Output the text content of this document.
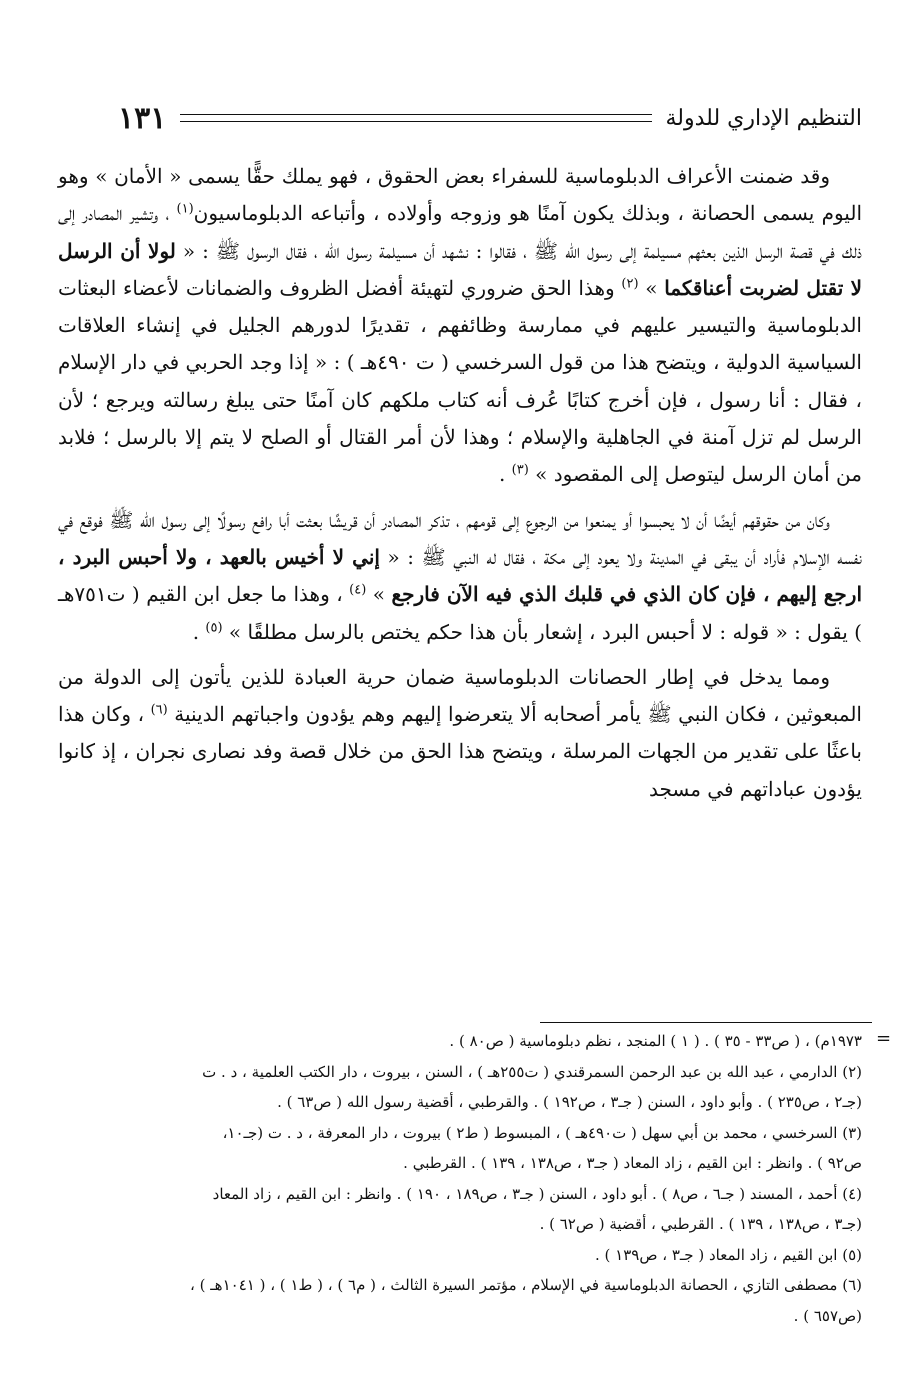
التنظيم الإداري للدولة
١٣١

وقد ضمنت الأعراف الدبلوماسية للسفراء بعض الحقوق ، فهو يملك حقًّا يسمى « الأمان » وهو اليوم يسمى الحصانة ، وبذلك يكون آمنًا هو وزوجه وأولاده ، وأتباعه الدبلوماسيون$^{(١)}$ ، وتشير المصادر إلى ذلك في قصة الرسل الذين بعثهم مسيلمة إلى رسول الله ﷺ ، فقالوا : نشهد أن مسيلمة رسول الله ، فقال الرسول ﷺ : « لولا أن الرسل لا تقتل لضربت أعناقكما » $^{(٢)}$ وهذا الحق ضروري لتهيئة أفضل الظروف والضمانات لأعضاء البعثات الدبلوماسية والتيسير عليهم في ممارسة وظائفهم ، تقديرًا لدورهم الجليل في إنشاء العلاقات السياسية الدولية ، ويتضح هذا من قول السرخسي ( ت ٤٩٠هـ ) : « إذا وجد الحربي في دار الإسلام ، فقال : أنا رسول ، فإن أخرج كتابًا عُرف أنه كتاب ملكهم كان آمنًا حتى يبلغ رسالته ويرجع ؛ لأن الرسل لم تزل آمنة في الجاهلية والإسلام ؛ وهذا لأن أمر القتال أو الصلح لا يتم إلا بالرسل ؛ فلابد من أمان الرسل ليتوصل إلى المقصود » $^{(٣)}$ .

وكان من حقوقهم أيضًا أن لا يحبسوا أو يمنعوا من الرجوع إلى قومهم ، تذكر المصادر أن قريشًا بعثت أبا رافع رسولًا إلى رسول الله ﷺ فوقع في نفسه الإسلام فأراد أن يبقى في المدينة ولا يعود إلى مكة ، فقال له النبي ﷺ : « إني لا أخيس بالعهد ، ولا أحبس البرد ، ارجع إليهم ، فإن كان الذي في قلبك الذي فيه الآن فارجع » $^{(٤)}$ ، وهذا ما جعل ابن القيم ( ت٧٥١هـ ) يقول : « قوله : لا أحبس البرد ، إشعار بأن هذا حكم يختص بالرسل مطلقًا » $^{(٥)}$ .

ومما يدخل في إطار الحصانات الدبلوماسية ضمان حرية العبادة للذين يأتون إلى الدولة من المبعوثين ، فكان النبي ﷺ يأمر أصحابه ألا يتعرضوا إليهم وهم يؤدون واجباتهم الدينية $^{(٦)}$ ، وكان هذا باعثًا على تقدير من الجهات المرسلة ، ويتضح هذا الحق من خلال قصة وفد نصارى نجران ، إذ كانوا يؤدون عباداتهم في مسجد

=

١٩٧٣م) ، ( ص٣٣ - ٣٥ ) . ( ١ ) المنجد ، نظم دبلوماسية ( ص٨٠ ) .

(٢) الدارمي ، عبد الله بن عبد الرحمن السمرقندي ( ت٢٥٥هـ ) ، السنن ، بيروت ، دار الكتب العلمية ، د . ت

(جـ٢ ، ص٢٣٥ ) . وأبو داود ، السنن ( جـ٣ ، ص١٩٢ ) . والقرطبي ، أقضية رسول الله ( ص٦٣ ) .

(٣) السرخسي ، محمد بن أبي سهل ( ت٤٩٠هـ ) ، المبسوط ( ط٢ ) بيروت ، دار المعرفة ، د . ت (جـ١٠،

ص٩٢ ) . وانظر : ابن القيم ، زاد المعاد ( جـ٣ ، ص١٣٨ ، ١٣٩ ) . القرطبي .

(٤) أحمد ، المسند ( جـ٦ ، ص٨ ) . أبو داود ، السنن ( جـ٣ ، ص١٨٩ ، ١٩٠ ) . وانظر : ابن القيم ، زاد المعاد

(جـ٣ ، ص١٣٨ ، ١٣٩ ) . القرطبي ، أقضية ( ص٦٢ ) .

(٥) ابن القيم ، زاد المعاد ( جـ٣ ، ص١٣٩ ) .

(٦) مصطفى التازي ، الحصانة الدبلوماسية في الإسلام ، مؤتمر السيرة الثالث ، ( م٦ ) ، ( ط١ ) ، ( ١٠٤١هـ ) ،

(ص٦٥٧ ) .
